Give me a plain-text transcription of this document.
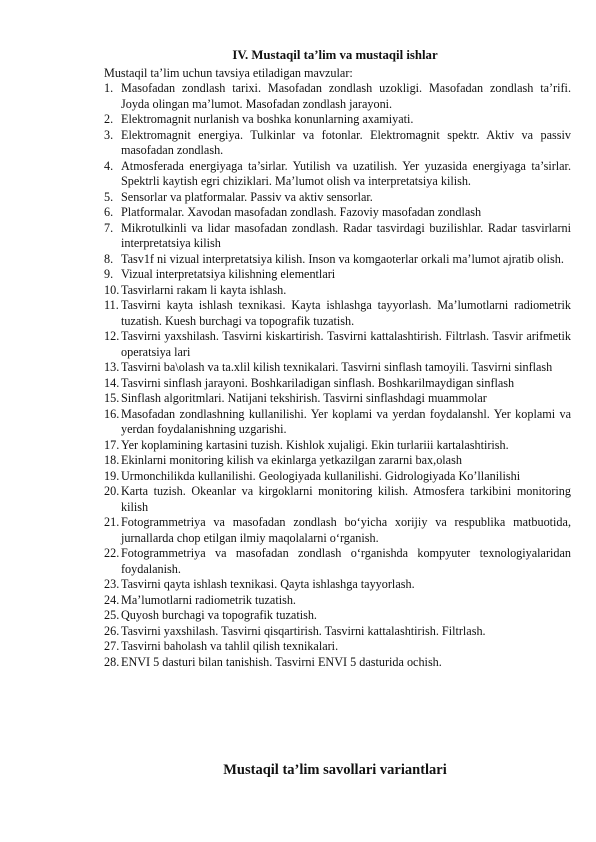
IV. Mustaqil ta’lim va mustaqil ishlar
Mustaqil ta’lim uchun tavsiya etiladigan mavzular:
1. Masofadan zondlash tarixi. Masofadan zondlash uzokligi. Masofadan zondlash ta’rifi. Joyda olingan ma’lumot. Masofadan zondlash jarayoni.
2. Elektromagnit nurlanish va boshka konunlarning axamiyati.
3. Elektromagnit energiya. Tulkinlar va fotonlar. Elektromagnit spektr. Aktiv va passiv masofadan zondlash.
4. Atmosferada energiyaga ta’sirlar. Yutilish va uzatilish. Yer yuzasida energiyaga ta’sirlar. Spektrli kaytish egri chiziklari. Ma’lumot olish va interpretatsiya kilish.
5. Sensorlar va platformalar. Passiv va aktiv sensorlar.
6. Platformalar. Xavodan masofadan zondlash. Fazoviy masofadan zondlash
7. Mikrotulkinli va lidar masofadan zondlash. Radar tasvirdagi buzilishlar. Radar tasvirlarni interpretatsiya kilish
8. Tasv1f ni vizual interpretatsiya kilish. Inson va komgaoterlar orkali ma’lumot ajratib olish.
9. Vizual interpretatsiya kilishning elementlari
10. Tasvirlarni rakam li kayta ishlash.
11. Tasvirni kayta ishlash texnikasi. Kayta ishlashga tayyorlash. Ma’lumotlarni radiometrik tuzatish. Kuesh burchagi va topografik tuzatish.
12. Tasvirni yaxshilash. Tasvirni kiskartirish. Tasvirni kattalashtirish. Filtrlash. Tasvir arifmetik operatsiya lari
13. Tasvirni ba\olash va ta.xlil kilish texnikalari. Tasvirni sinflash tamoyili. Tasvirni sinflash
14. Tasvirni sinflash jarayoni. Boshkariladigan sinflash. Boshkarilmaydigan sinflash
15. Sinflash algoritmlari. Natijani tekshirish. Tasvirni sinflashdagi muammolar
16. Masofadan zondlashning kullanilishi. Yer koplami va yerdan foydalanshl. Yer koplami va yerdan foydalanishning uzgarishi.
17. Yer koplamining kartasini tuzish. Kishlok xujaligi. Ekin turlariii kartalashtirish.
18. Ekinlarni monitoring kilish va ekinlarga yetkazilgan zararni bax,olash
19. Urmonchilikda kullanilishi. Geologiyada kullanilishi. Gidrologiyada Ko’llanilishi
20. Karta tuzish. Okeanlar va kirgoklarni monitoring kilish. Atmosfera tarkibini monitoring kilish
21. Fotogrammetriya va masofadan zondlash bo‘yicha xorijiy va respublika matbuotida, jurnallarda chop etilgan ilmiy maqolalarni o‘rganish.
22. Fotogrammetriya va masofadan zondlash o‘rganishda kompyuter texnologiyalaridan foydalanish.
23. Tasvirni qayta ishlash texnikasi. Qayta ishlashga tayyorlash.
24. Ma’lumotlarni radiometrik tuzatish.
25. Quyosh burchagi va topografik tuzatish.
26. Tasvirni yaxshilash. Tasvirni qisqartirish. Tasvirni kattalashtirish. Filtrlash.
27. Tasvirni baholash va tahlil qilish texnikalari.
28. ENVI 5 dasturi bilan tanishish. Tasvirni ENVI 5 dasturida ochish.
Mustaqil ta’lim savollari variantlari
